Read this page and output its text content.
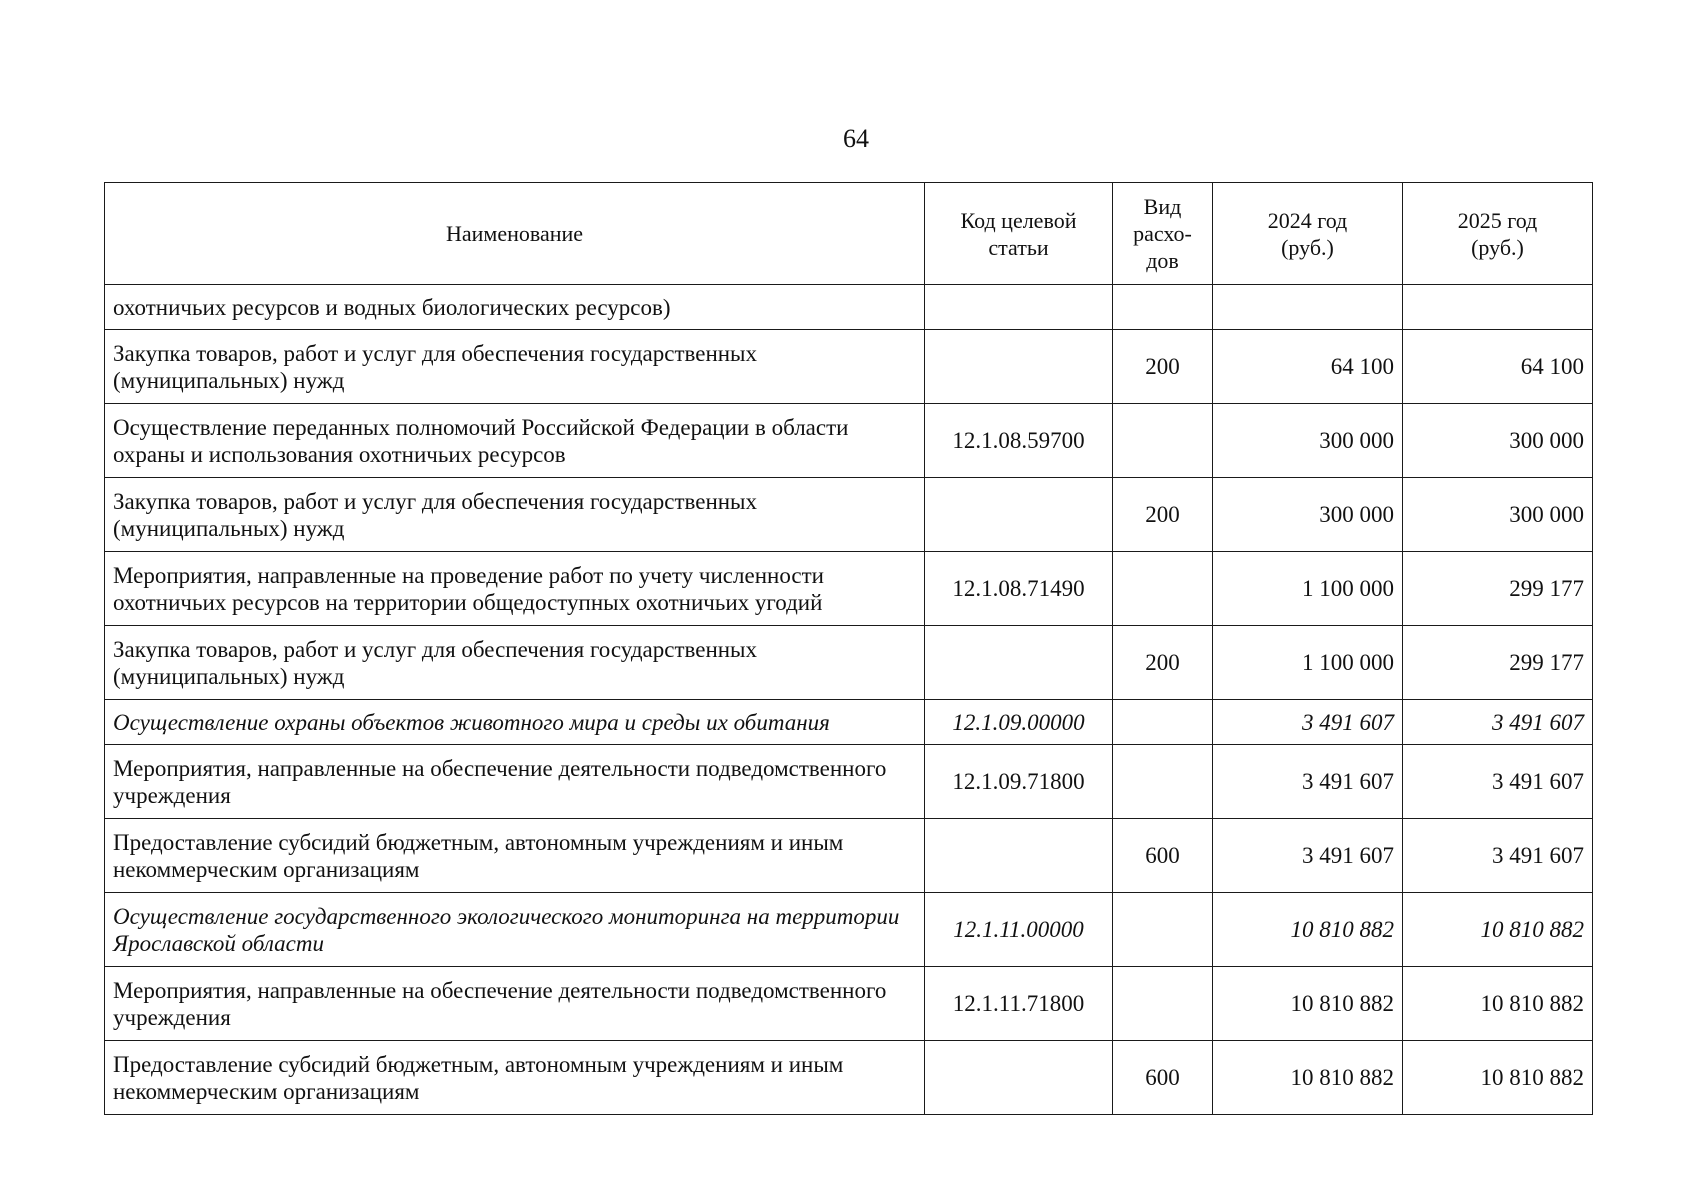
64
Наименование	Код целевой статьи	Вид расхо-дов	2024 год (руб.)	2025 год (руб.)
охотничьих ресурсов и водных биологических ресурсов)				
Закупка товаров, работ и услуг для обеспечения государственных (муниципальных) нужд		200	64 100	64 100
Осуществление переданных полномочий Российской Федерации в области охраны и использования охотничьих ресурсов	12.1.08.59700		300 000	300 000
Закупка товаров, работ и услуг для обеспечения государственных (муниципальных) нужд		200	300 000	300 000
Мероприятия, направленные на проведение работ по учету численности охотничьих ресурсов на территории общедоступных охотничьих угодий	12.1.08.71490		1 100 000	299 177
Закупка товаров, работ и услуг для обеспечения государственных (муниципальных) нужд		200	1 100 000	299 177
Осуществление охраны объектов животного мира и среды их обитания	12.1.09.00000		3 491 607	3 491 607
Мероприятия, направленные на обеспечение деятельности подведомственного учреждения	12.1.09.71800		3 491 607	3 491 607
Предоставление субсидий бюджетным, автономным учреждениям и иным некоммерческим организациям		600	3 491 607	3 491 607
Осуществление государственного экологического мониторинга на территории Ярославской области	12.1.11.00000		10 810 882	10 810 882
Мероприятия, направленные на обеспечение деятельности подведомственного учреждения	12.1.11.71800		10 810 882	10 810 882
Предоставление субсидий бюджетным, автономным учреждениям и иным некоммерческим организациям		600	10 810 882	10 810 882
